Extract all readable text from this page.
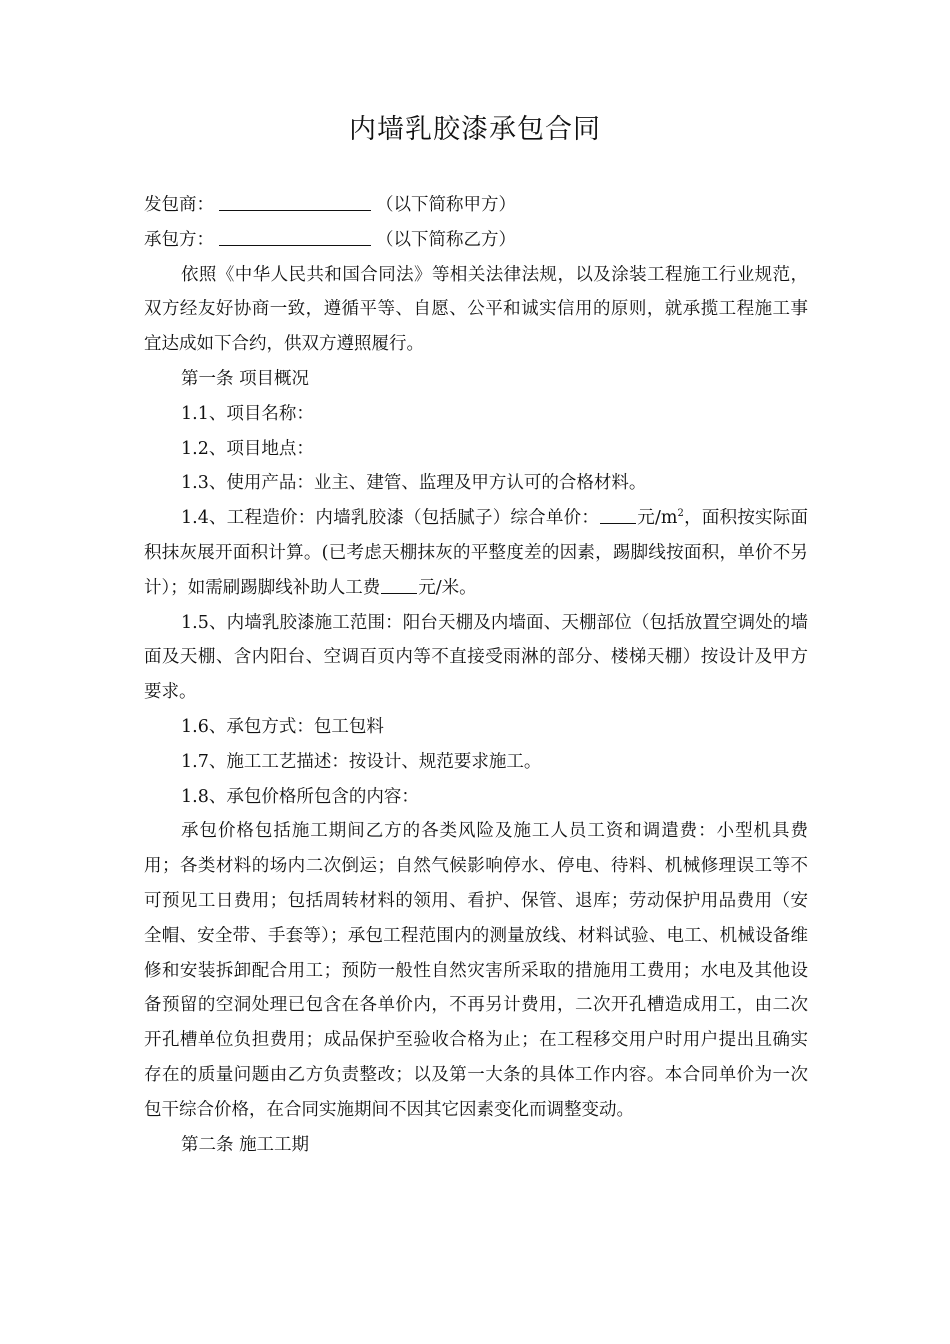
内墙乳胶漆承包合同

发包商：	（以下简称甲方）

承包方：	（以下简称乙方）

依照《中华人民共和国合同法》等相关法律法规，以及涂装工程施工行业规范，双方经友好协商一致，遵循平等、自愿、公平和诚实信用的原则，就承揽工程施工事宜达成如下合约，供双方遵照履行。

第一条 项目概况

1.1、项目名称：

1.2、项目地点：

1.3、使用产品：业主、建管、监理及甲方认可的合格材料。

1.4、工程造价：内墙乳胶漆（包括腻子）综合单价： 元$/m^2$，面积按实际面积抹灰展开面积计算。(已考虑天棚抹灰的平整度差的因素，踢脚线按面积，单价不另计）；如需刷踢脚线补助人工费 元/米。

1.5、内墙乳胶漆施工范围：阳台天棚及内墙面、天棚部位（包括放置空调处的墙面及天棚、含内阳台、空调百页内等不直接受雨淋的部分、楼梯天棚）按设计及甲方要求。

1.6、承包方式：包工包料

1.7、施工工艺描述：按设计、规范要求施工。

1.8、承包价格所包含的内容：

承包价格包括施工期间乙方的各类风险及施工人员工资和调遣费：小型机具费用；各类材料的场内二次倒运；自然气候影响停水、停电、待料、机械修理误工等不可预见工日费用；包括周转材料的领用、看护、保管、退库；劳动保护用品费用（安全帽、安全带、手套等）；承包工程范围内的测量放线、材料试验、电工、机械设备维修和安装拆卸配合用工；预防一般性自然灾害所采取的措施用工费用；水电及其他设备预留的空洞处理已包含在各单价内，不再另计费用，二次开孔槽造成用工，由二次开孔槽单位负担费用；成品保护至验收合格为止；在工程移交用户时用户提出且确实存在的质量问题由乙方负责整改；以及第一大条的具体工作内容。本合同单价为一次包干综合价格，在合同实施期间不因其它因素变化而调整变动。

第二条 施工工期
